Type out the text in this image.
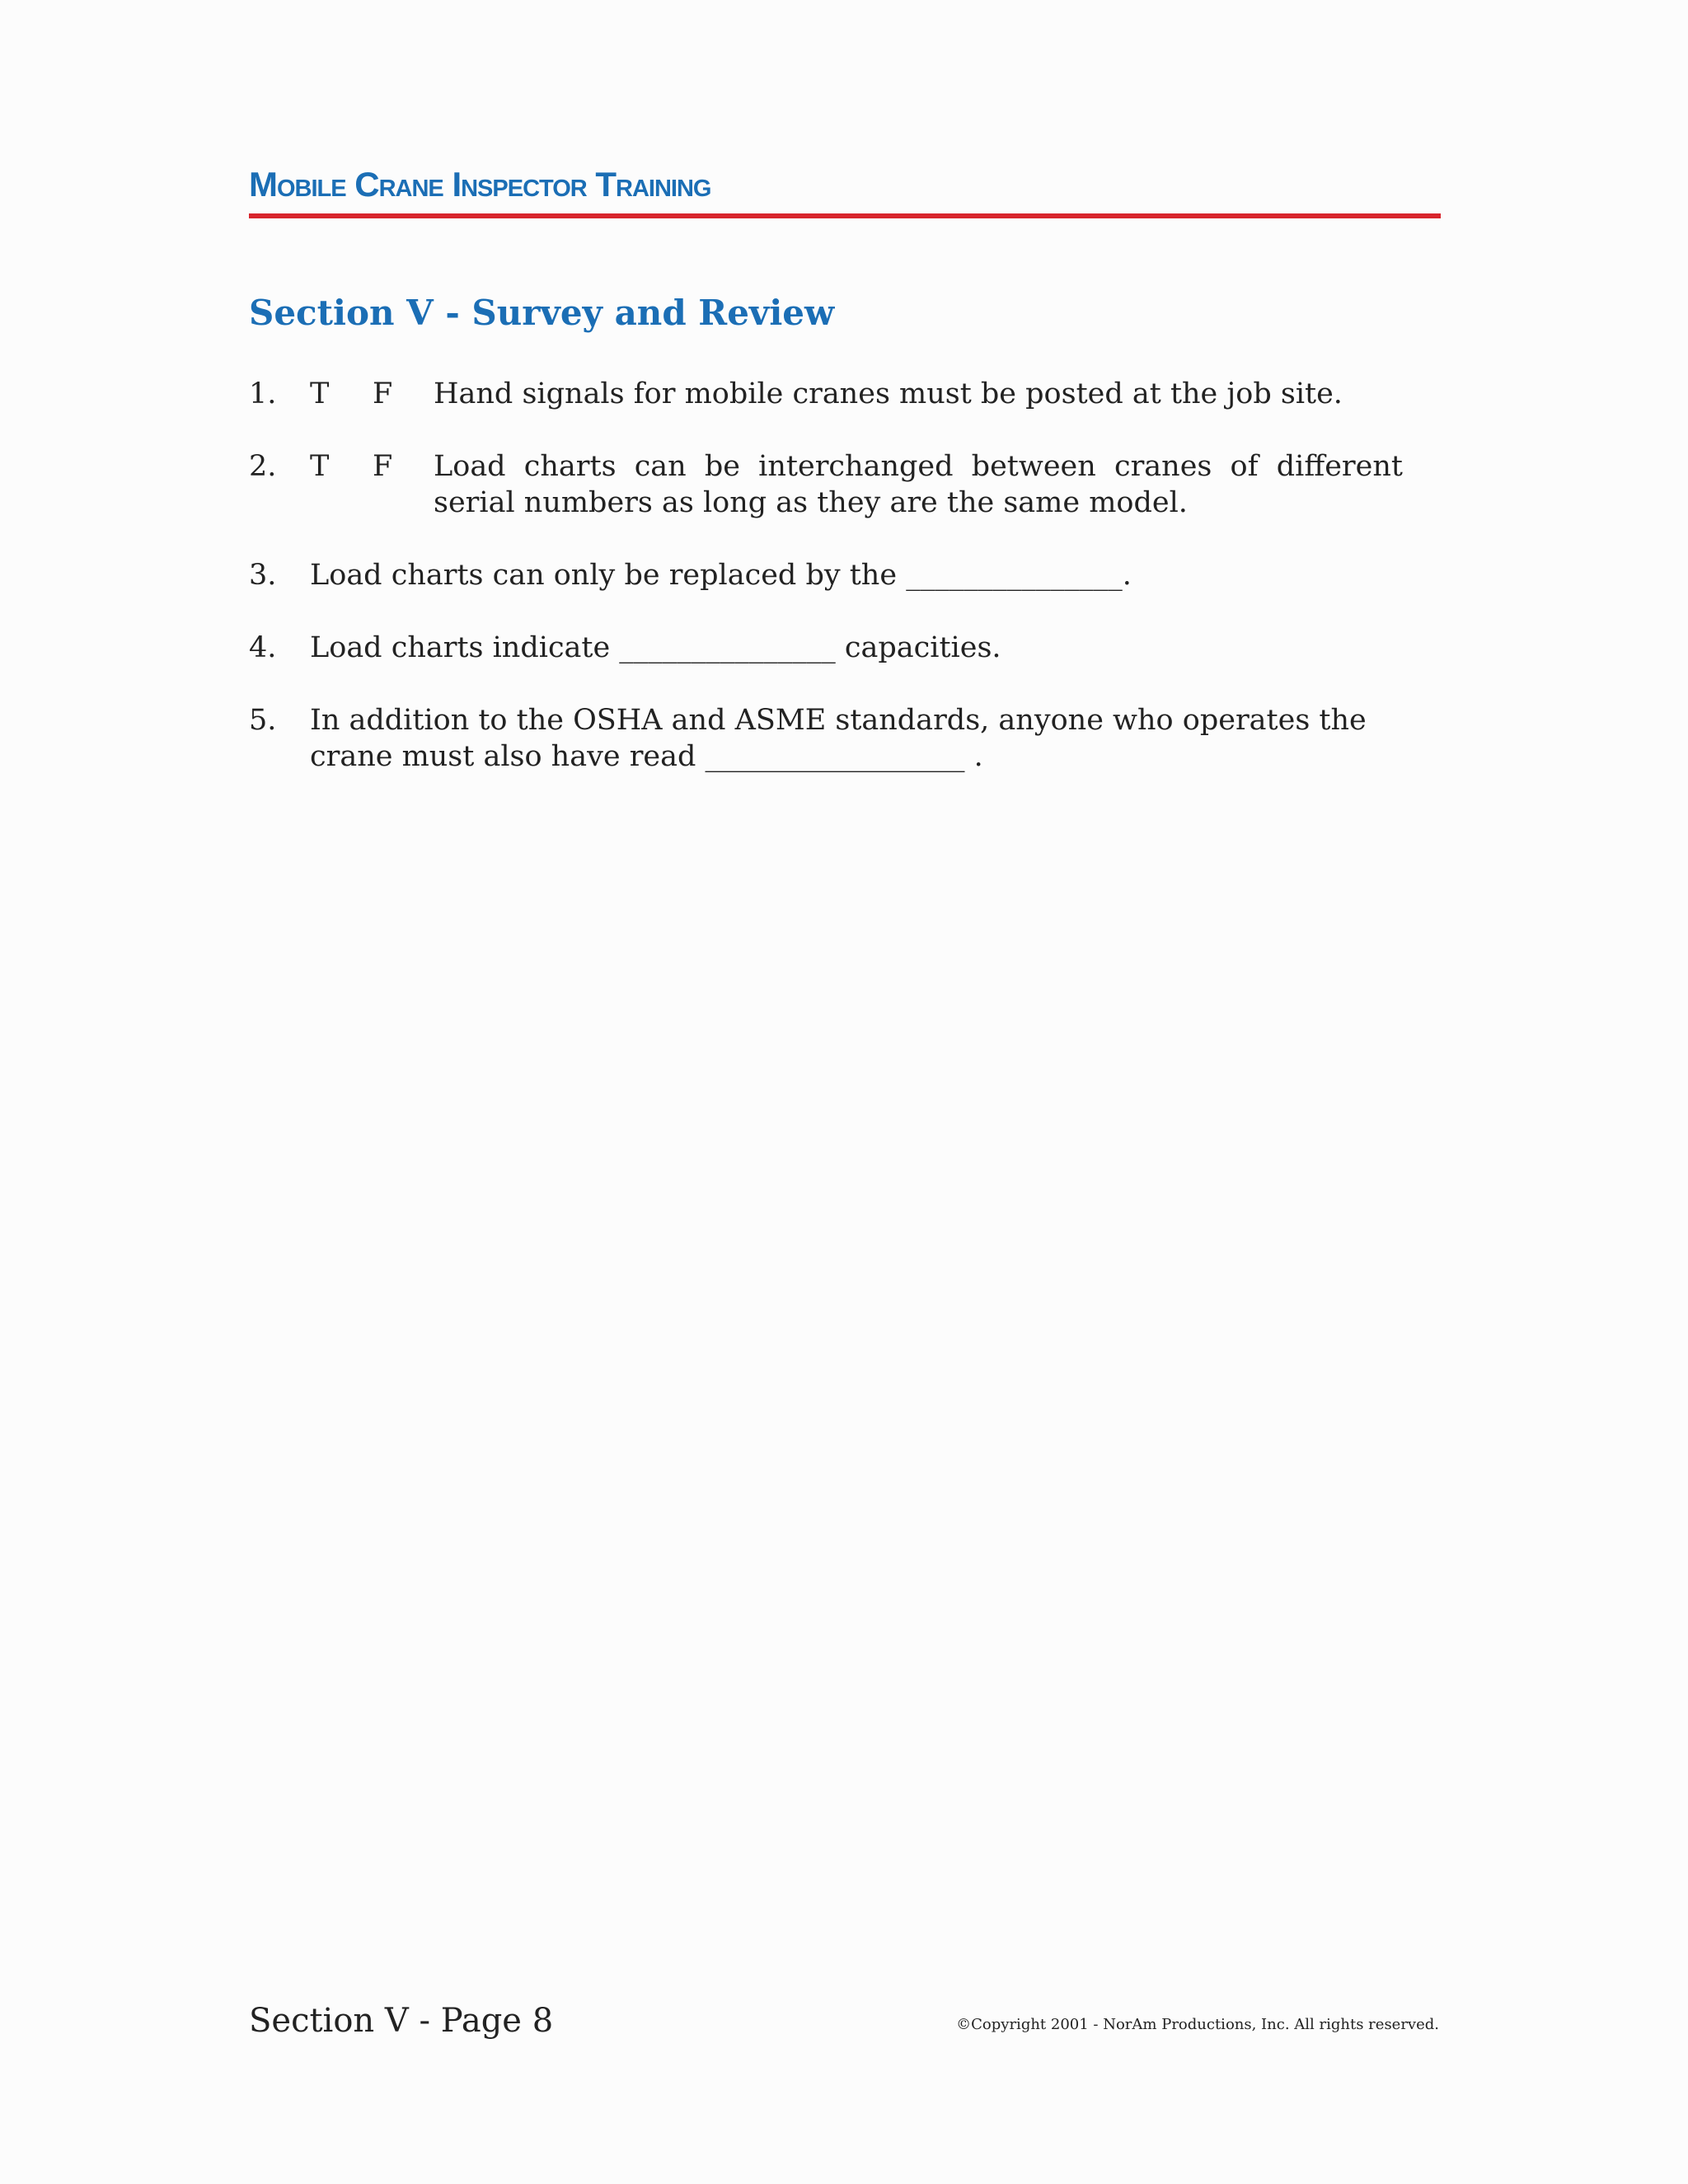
Mobile Crane Inspector Training
Section V - Survey and Review
1.	T F Hand signals for mobile cranes must be posted at the job site.
2.	T F Load charts can be interchanged between cranes of different serial numbers as long as they are the same model.
3.	Load charts can only be replaced by the _______________.
4.	Load charts indicate _______________ capacities.
5.	In addition to the OSHA and ASME standards, anyone who operates the crane must also have read __________________ .
Section V - Page 8	©Copyright 2001 - NorAm Productions, Inc. All rights reserved.
